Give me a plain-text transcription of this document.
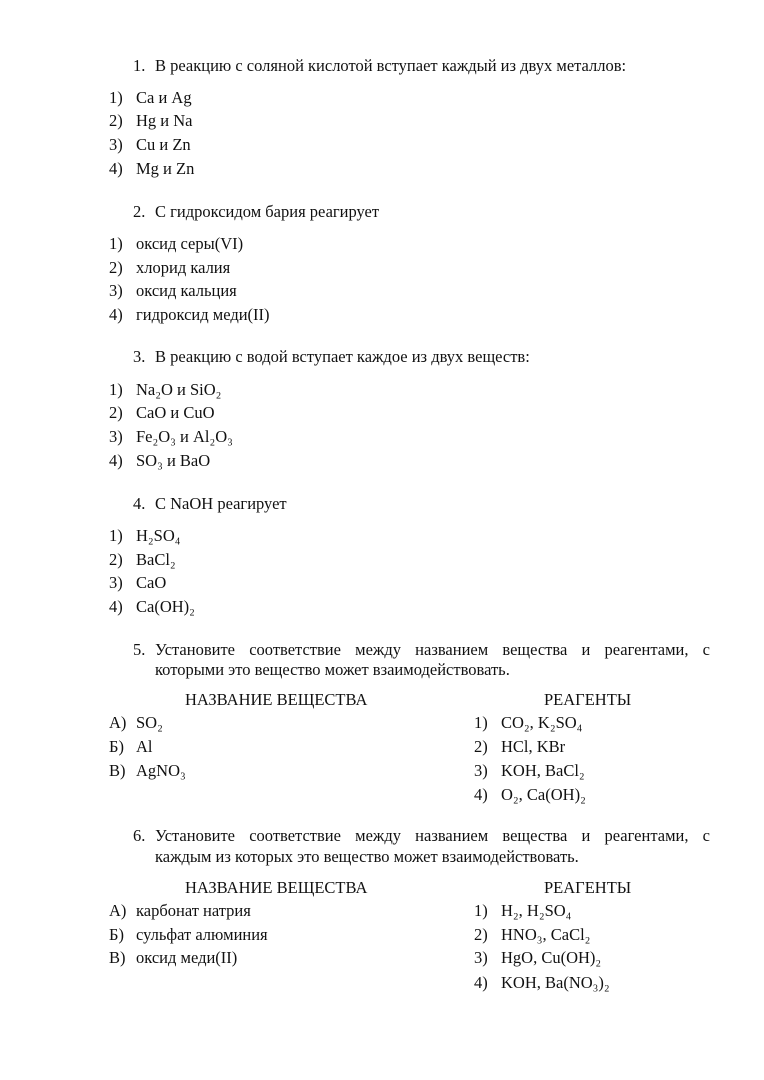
1. В реакцию с соляной кислотой вступает каждый из двух металлов:
1) Ca и Ag
2) Hg и Na
3) Cu и Zn
4) Mg и Zn
2. С гидроксидом бария реагирует
1) оксид серы(VI)
2) хлорид калия
3) оксид кальция
4) гидроксид меди(II)
3. В реакцию с водой вступает каждое из двух веществ:
1) Na₂O и SiO₂
2) CaO и CuO
3) Fe₂O₃ и Al₂O₃
4) SO₃ и BaO
4. С NaOH реагирует
1) H₂SO₄
2) BaCl₂
3) CaO
4) Ca(OH)₂
5. Установите соответствие между названием вещества и реагентами, с
которыми это вещество может взаимодействовать.
НАЗВАНИЕ ВЕЩЕСТВА	РЕАГЕНТЫ
А) SO₂
Б) Al
В) AgNO₃
1) CO₂, K₂SO₄
2) HCl, KBr
3) KOH, BaCl₂
4) O₂, Ca(OH)₂
6. Установите соответствие между названием вещества и реагентами, с
каждым из которых это вещество может взаимодействовать.
НАЗВАНИЕ ВЕЩЕСТВА	РЕАГЕНТЫ
А) карбонат натрия
Б) сульфат алюминия
В) оксид меди(II)
1) H₂, H₂SO₄
2) HNO₃, CaCl₂
3) HgO, Cu(OH)₂
4) KOH, Ba(NO₃)₂
